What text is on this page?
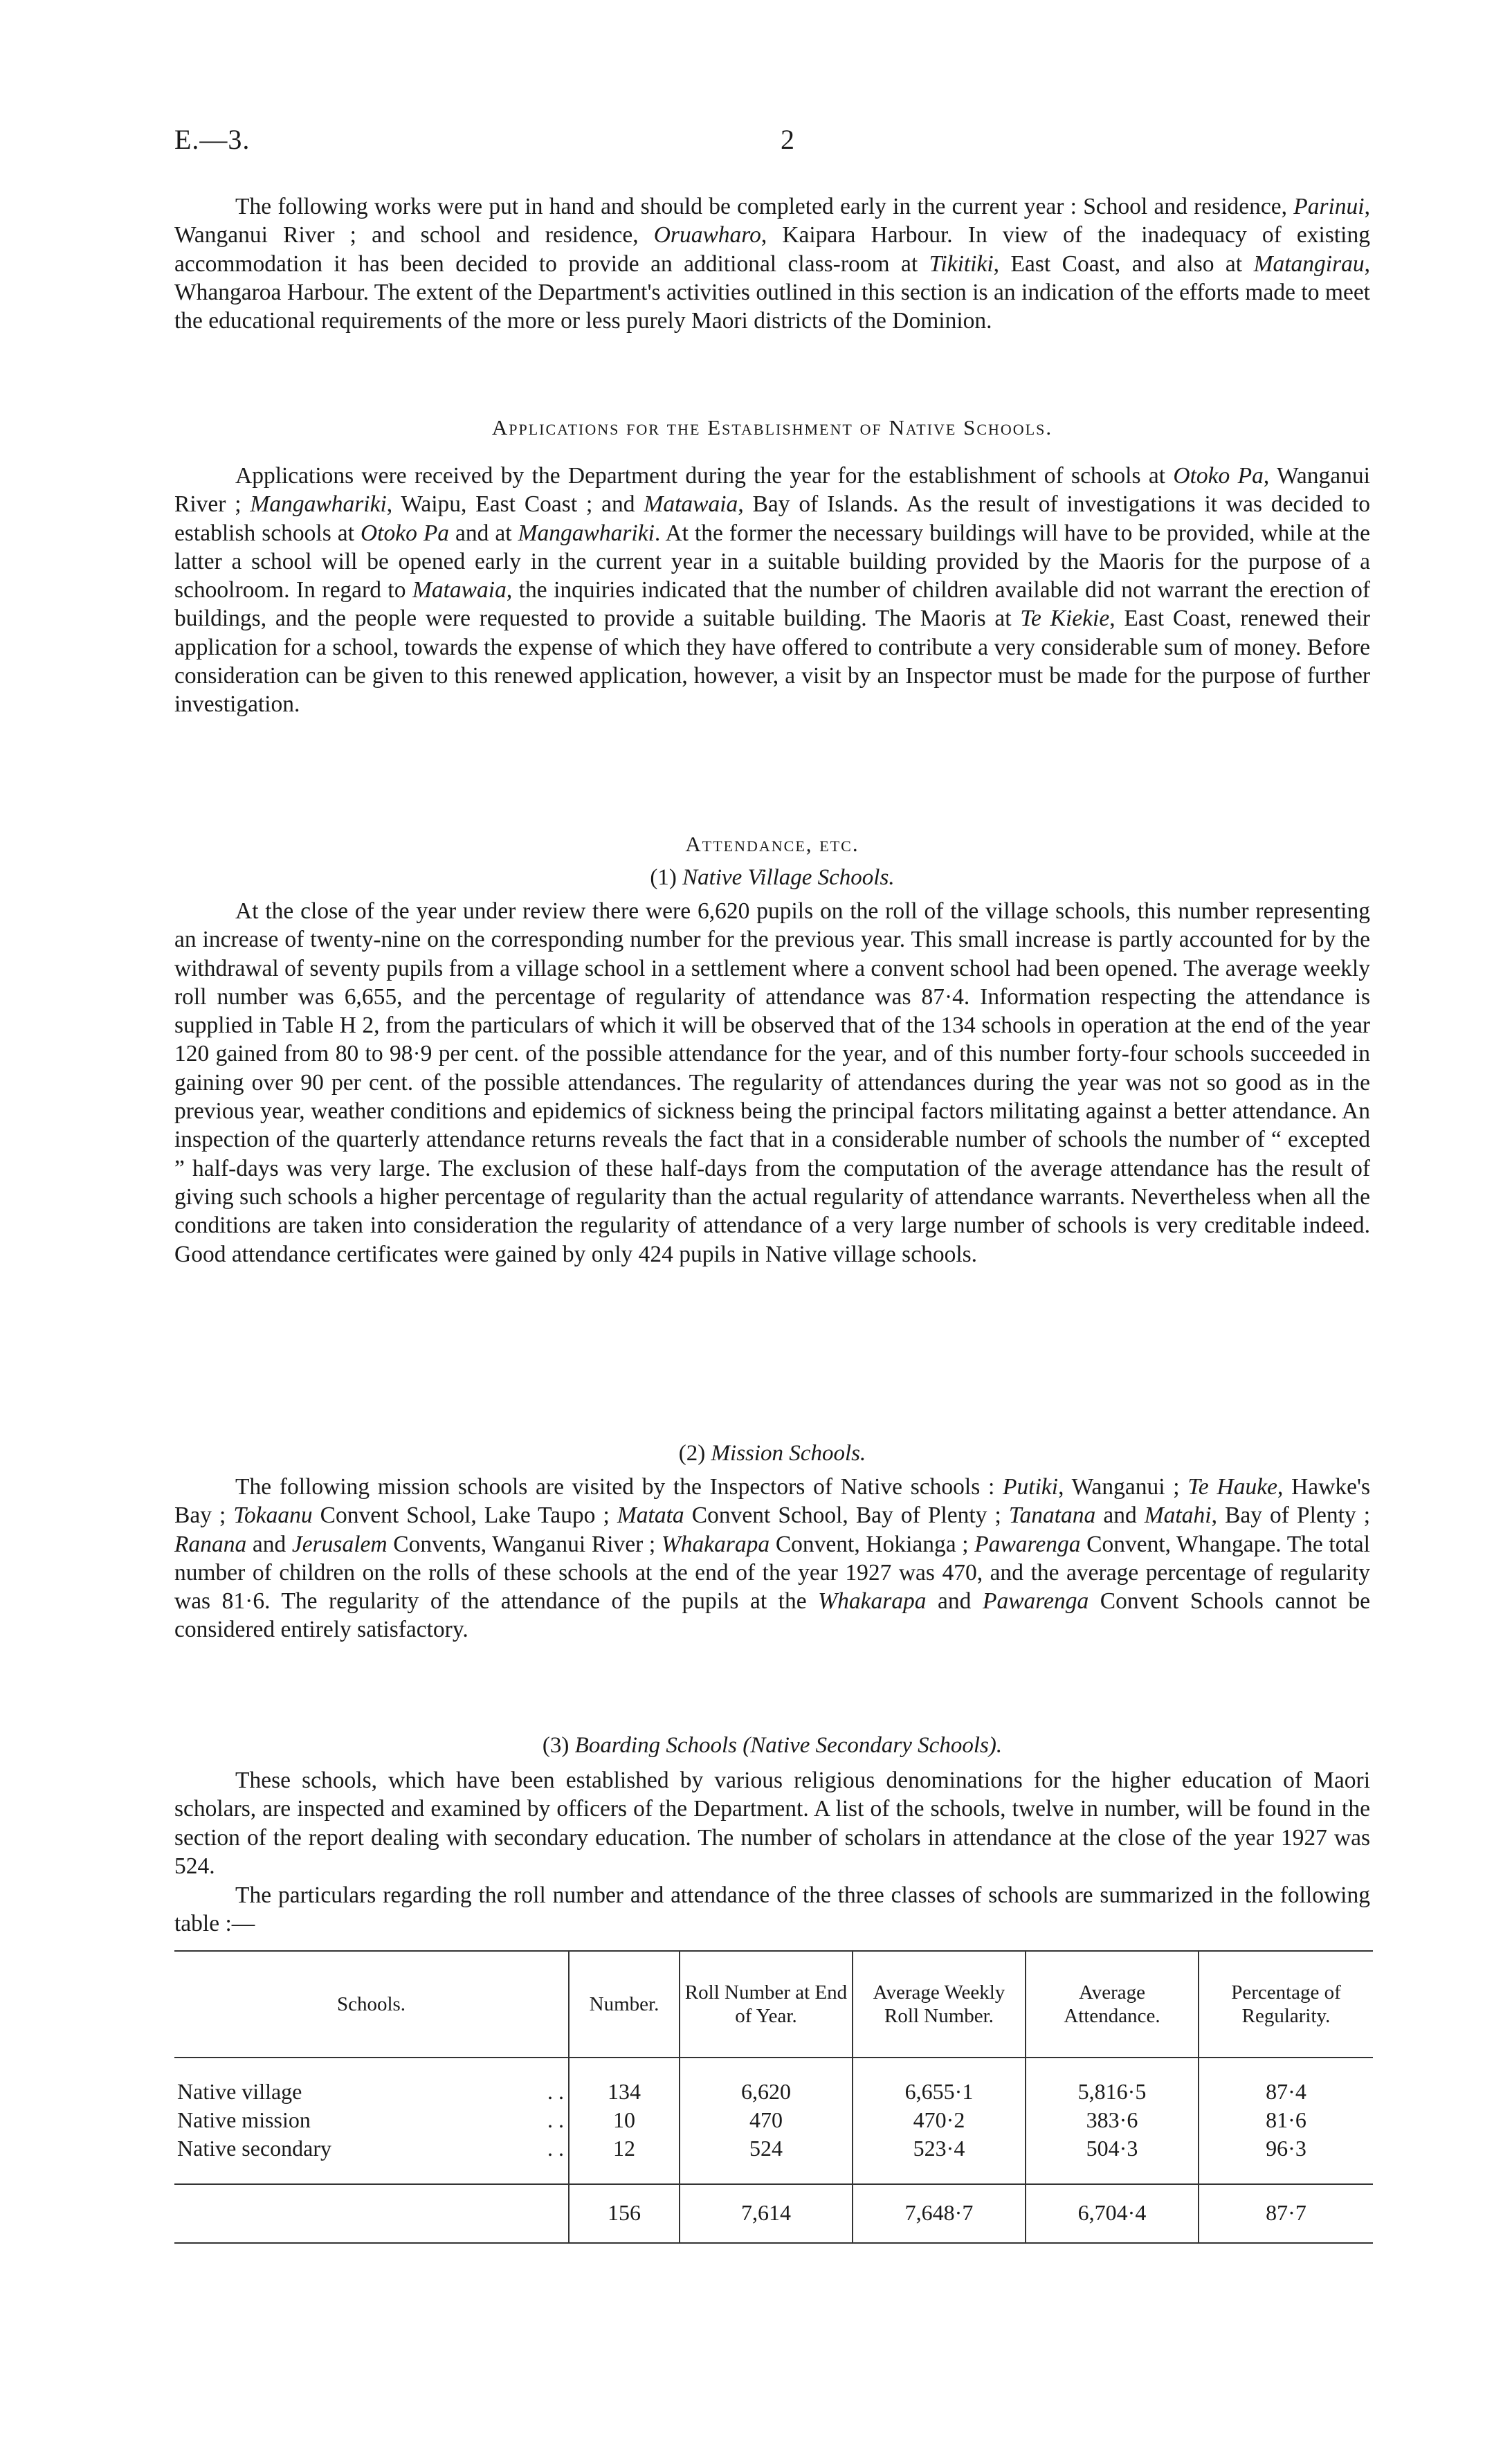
E.—3.	2

The following works were put in hand and should be completed early in the current year : School and residence, Parinui, Wanganui River ; and school and residence, Oruawharo, Kaipara Harbour. In view of the inadequacy of existing accommodation it has been decided to provide an additional class-room at Tikitiki, East Coast, and also at Matangirau, Whangaroa Harbour. The extent of the Department's activities outlined in this section is an indication of the efforts made to meet the educational requirements of the more or less purely Maori districts of the Dominion.

Applications for the Establishment of Native Schools.

Applications were received by the Department during the year for the establishment of schools at Otoko Pa, Wanganui River ; Mangawhariki, Waipu, East Coast ; and Matawaia, Bay of Islands. As the result of investigations it was decided to establish schools at Otoko Pa and at Mangawhariki. At the former the necessary buildings will have to be provided, while at the latter a school will be opened early in the current year in a suitable building provided by the Maoris for the purpose of a schoolroom. In regard to Matawaia, the inquiries indicated that the number of children available did not warrant the erection of buildings, and the people were requested to provide a suitable building. The Maoris at Te Kiekie, East Coast, renewed their application for a school, towards the expense of which they have offered to contribute a very considerable sum of money. Before consideration can be given to this renewed application, however, a visit by an Inspector must be made for the purpose of further investigation.

Attendance, etc.

(1) Native Village Schools.

At the close of the year under review there were 6,620 pupils on the roll of the village schools, this number representing an increase of twenty-nine on the corresponding number for the previous year. This small increase is partly accounted for by the withdrawal of seventy pupils from a village school in a settlement where a convent school had been opened. The average weekly roll number was 6,655, and the percentage of regularity of attendance was 87·4. Information respecting the attendance is supplied in Table H 2, from the particulars of which it will be observed that of the 134 schools in operation at the end of the year 120 gained from 80 to 98·9 per cent. of the possible attendance for the year, and of this number forty-four schools succeeded in gaining over 90 per cent. of the possible attendances. The regularity of attendances during the year was not so good as in the previous year, weather conditions and epidemics of sickness being the principal factors militating against a better attendance. An inspection of the quarterly attendance returns reveals the fact that in a considerable number of schools the number of “ excepted ” half-days was very large. The exclusion of these half-days from the computation of the average attendance has the result of giving such schools a higher percentage of regularity than the actual regularity of attendance warrants. Nevertheless when all the conditions are taken into consideration the regularity of attendance of a very large number of schools is very creditable indeed. Good attendance certificates were gained by only 424 pupils in Native village schools.

(2) Mission Schools.

The following mission schools are visited by the Inspectors of Native schools : Putiki, Wanganui ; Te Hauke, Hawke's Bay ; Tokaanu Convent School, Lake Taupo ; Matata Convent School, Bay of Plenty ; Tanatana and Matahi, Bay of Plenty ; Ranana and Jerusalem Convents, Wanganui River ; Whakarapa Convent, Hokianga ; Pawarenga Convent, Whangape. The total number of children on the rolls of these schools at the end of the year 1927 was 470, and the average percentage of regularity was 81·6. The regularity of the attendance of the pupils at the Whakarapa and Pawarenga Convent Schools cannot be considered entirely satisfactory.

(3) Boarding Schools (Native Secondary Schools).

These schools, which have been established by various religious denominations for the higher education of Maori scholars, are inspected and examined by officers of the Department. A list of the schools, twelve in number, will be found in the section of the report dealing with secondary education. The number of scholars in attendance at the close of the year 1927 was 524.

The particulars regarding the roll number and attendance of the three classes of schools are summarized in the following table :—

Schools.	Number.	Roll Number at End of Year.	Average Weekly Roll Number.	Average Attendance.	Percentage of Regularity.
Native village . .	134	6,620	6,655·1	5,816·5	87·4
Native mission . .	10	470	470·2	383·6	81·6
Native secondary . .	12	524	523·4	504·3	96·3
	156	7,614	7,648·7	6,704·4	87·7
